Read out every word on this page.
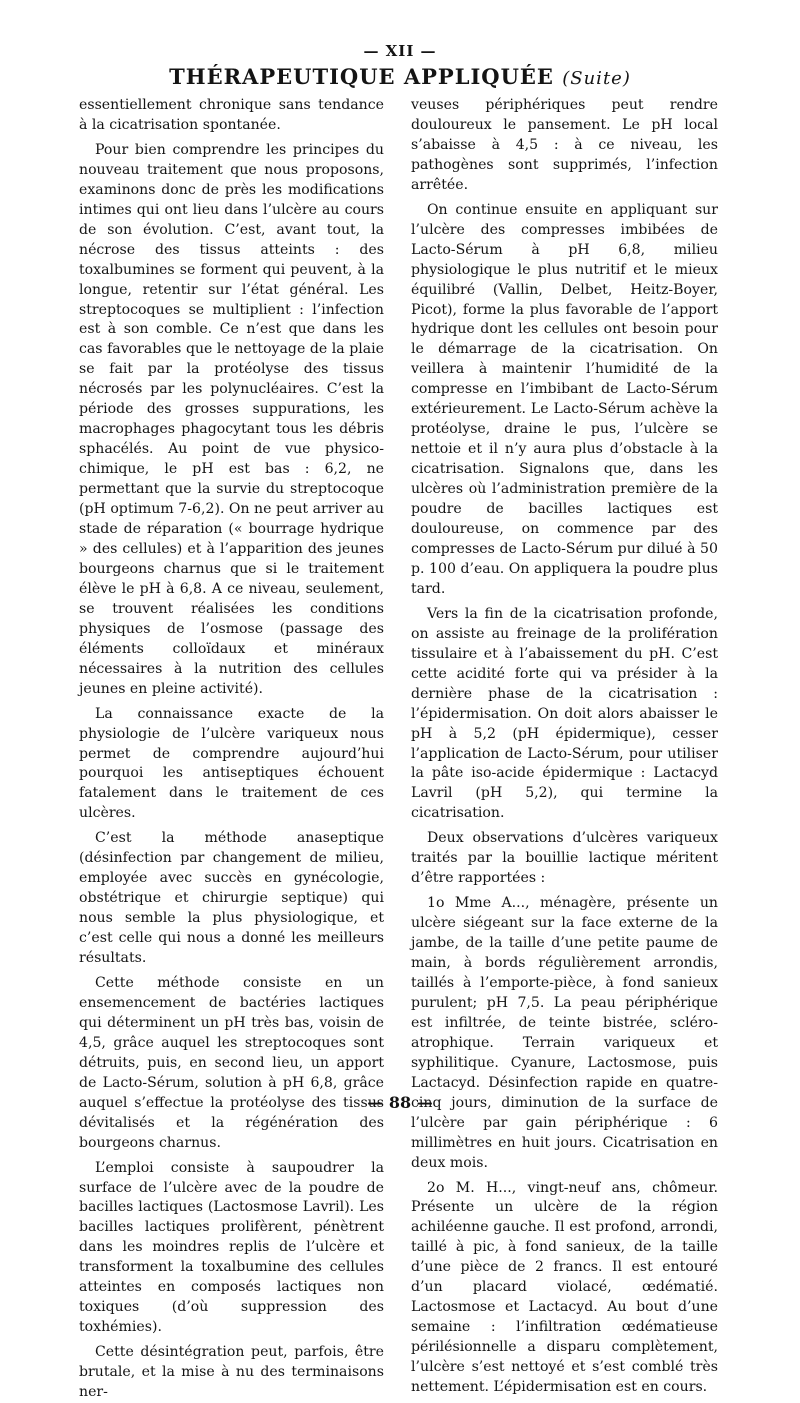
— XII —
THÉRAPEUTIQUE APPLIQUÉE (Suite)

essentiellement chronique sans tendance à la cicatrisation spontanée.

Pour bien comprendre les principes du nouveau traitement que nous proposons, examinons donc de près les modifications intimes qui ont lieu dans l’ulcère au cours de son évolution. C’est, avant tout, la nécrose des tissus atteints : des toxalbumines se forment qui peuvent, à la longue, retentir sur l’état général. Les streptocoques se multiplient : l’infection est à son comble. Ce n’est que dans les cas favorables que le nettoyage de la plaie se fait par la protéolyse des tissus nécrosés par les polynucléaires. C’est la période des grosses suppurations, les macrophages phagocytant tous les débris sphacélés. Au point de vue physico-chimique, le pH est bas : 6,2, ne permettant que la survie du streptocoque (pH optimum 7-6,2). On ne peut arriver au stade de réparation (« bourrage hydrique » des cellules) et à l’apparition des jeunes bourgeons charnus que si le traitement élève le pH à 6,8. A ce niveau, seulement, se trouvent réalisées les conditions physiques de l’osmose (passage des éléments colloïdaux et minéraux nécessaires à la nutrition des cellules jeunes en pleine activité).

La connaissance exacte de la physiologie de l’ulcère variqueux nous permet de comprendre aujourd’hui pourquoi les antiseptiques échouent fatalement dans le traitement de ces ulcères.

C’est la méthode anaseptique (désinfection par changement de milieu, employée avec succès en gynécologie, obstétrique et chirurgie septique) qui nous semble la plus physiologique, et c’est celle qui nous a donné les meilleurs résultats.

Cette méthode consiste en un ensemencement de bactéries lactiques qui déterminent un pH très bas, voisin de 4,5, grâce auquel les streptocoques sont détruits, puis, en second lieu, un apport de Lacto-Sérum, solution à pH 6,8, grâce auquel s’effectue la protéolyse des tissus dévitalisés et la régénération des bourgeons charnus.

L’emploi consiste à saupoudrer la surface de l’ulcère avec de la poudre de bacilles lactiques (Lactosmose Lavril). Les bacilles lactiques prolifèrent, pénètrent dans les moindres replis de l’ulcère et transforment la toxalbumine des cellules atteintes en composés lactiques non toxiques (d’où suppression des toxhémies).

Cette désintégration peut, parfois, être brutale, et la mise à nu des terminaisons ner-

veuses périphériques peut rendre douloureux le pansement. Le pH local s’abaisse à 4,5 : à ce niveau, les pathogènes sont supprimés, l’infection arrêtée.

On continue ensuite en appliquant sur l’ulcère des compresses imbibées de Lacto-Sérum à pH 6,8, milieu physiologique le plus nutritif et le mieux équilibré (Vallin, Delbet, Heitz-Boyer, Picot), forme la plus favorable de l’apport hydrique dont les cellules ont besoin pour le démarrage de la cicatrisation. On veillera à maintenir l’humidité de la compresse en l’imbibant de Lacto-Sérum extérieurement. Le Lacto-Sérum achève la protéolyse, draine le pus, l’ulcère se nettoie et il n’y aura plus d’obstacle à la cicatrisation. Signalons que, dans les ulcères où l’administration première de la poudre de bacilles lactiques est douloureuse, on commence par des compresses de Lacto-Sérum pur dilué à 50 p. 100 d’eau. On appliquera la poudre plus tard.

Vers la fin de la cicatrisation profonde, on assiste au freinage de la prolifération tissulaire et à l’abaissement du pH. C’est cette acidité forte qui va présider à la dernière phase de la cicatrisation : l’épidermisation. On doit alors abaisser le pH à 5,2 (pH épidermique), cesser l’application de Lacto-Sérum, pour utiliser la pâte iso-acide épidermique : Lactacyd Lavril (pH 5,2), qui termine la cicatrisation.

Deux observations d’ulcères variqueux traités par la bouillie lactique méritent d’être rapportées :

1o Mme A..., ménagère, présente un ulcère siégeant sur la face externe de la jambe, de la taille d’une petite paume de main, à bords régulièrement arrondis, taillés à l’emporte-pièce, à fond sanieux purulent; pH 7,5. La peau périphérique est infiltrée, de teinte bistrée, scléro-atrophique. Terrain variqueux et syphilitique. Cyanure, Lactosmose, puis Lactacyd. Désinfection rapide en quatre-cinq jours, diminution de la surface de l’ulcère par gain périphérique : 6 millimètres en huit jours. Cicatrisation en deux mois.

2o M. H..., vingt-neuf ans, chômeur. Présente un ulcère de la région achiléenne gauche. Il est profond, arrondi, taillé à pic, à fond sanieux, de la taille d’une pièce de 2 francs. Il est entouré d’un placard violacé, œdématié. Lactosmose et Lactacyd. Au bout d’une semaine : l’infiltration œdématieuse périlésionnelle a disparu complètement, l’ulcère s’est nettoyé et s’est comblé très nettement. L’épidermisation est en cours.

— 88 —
